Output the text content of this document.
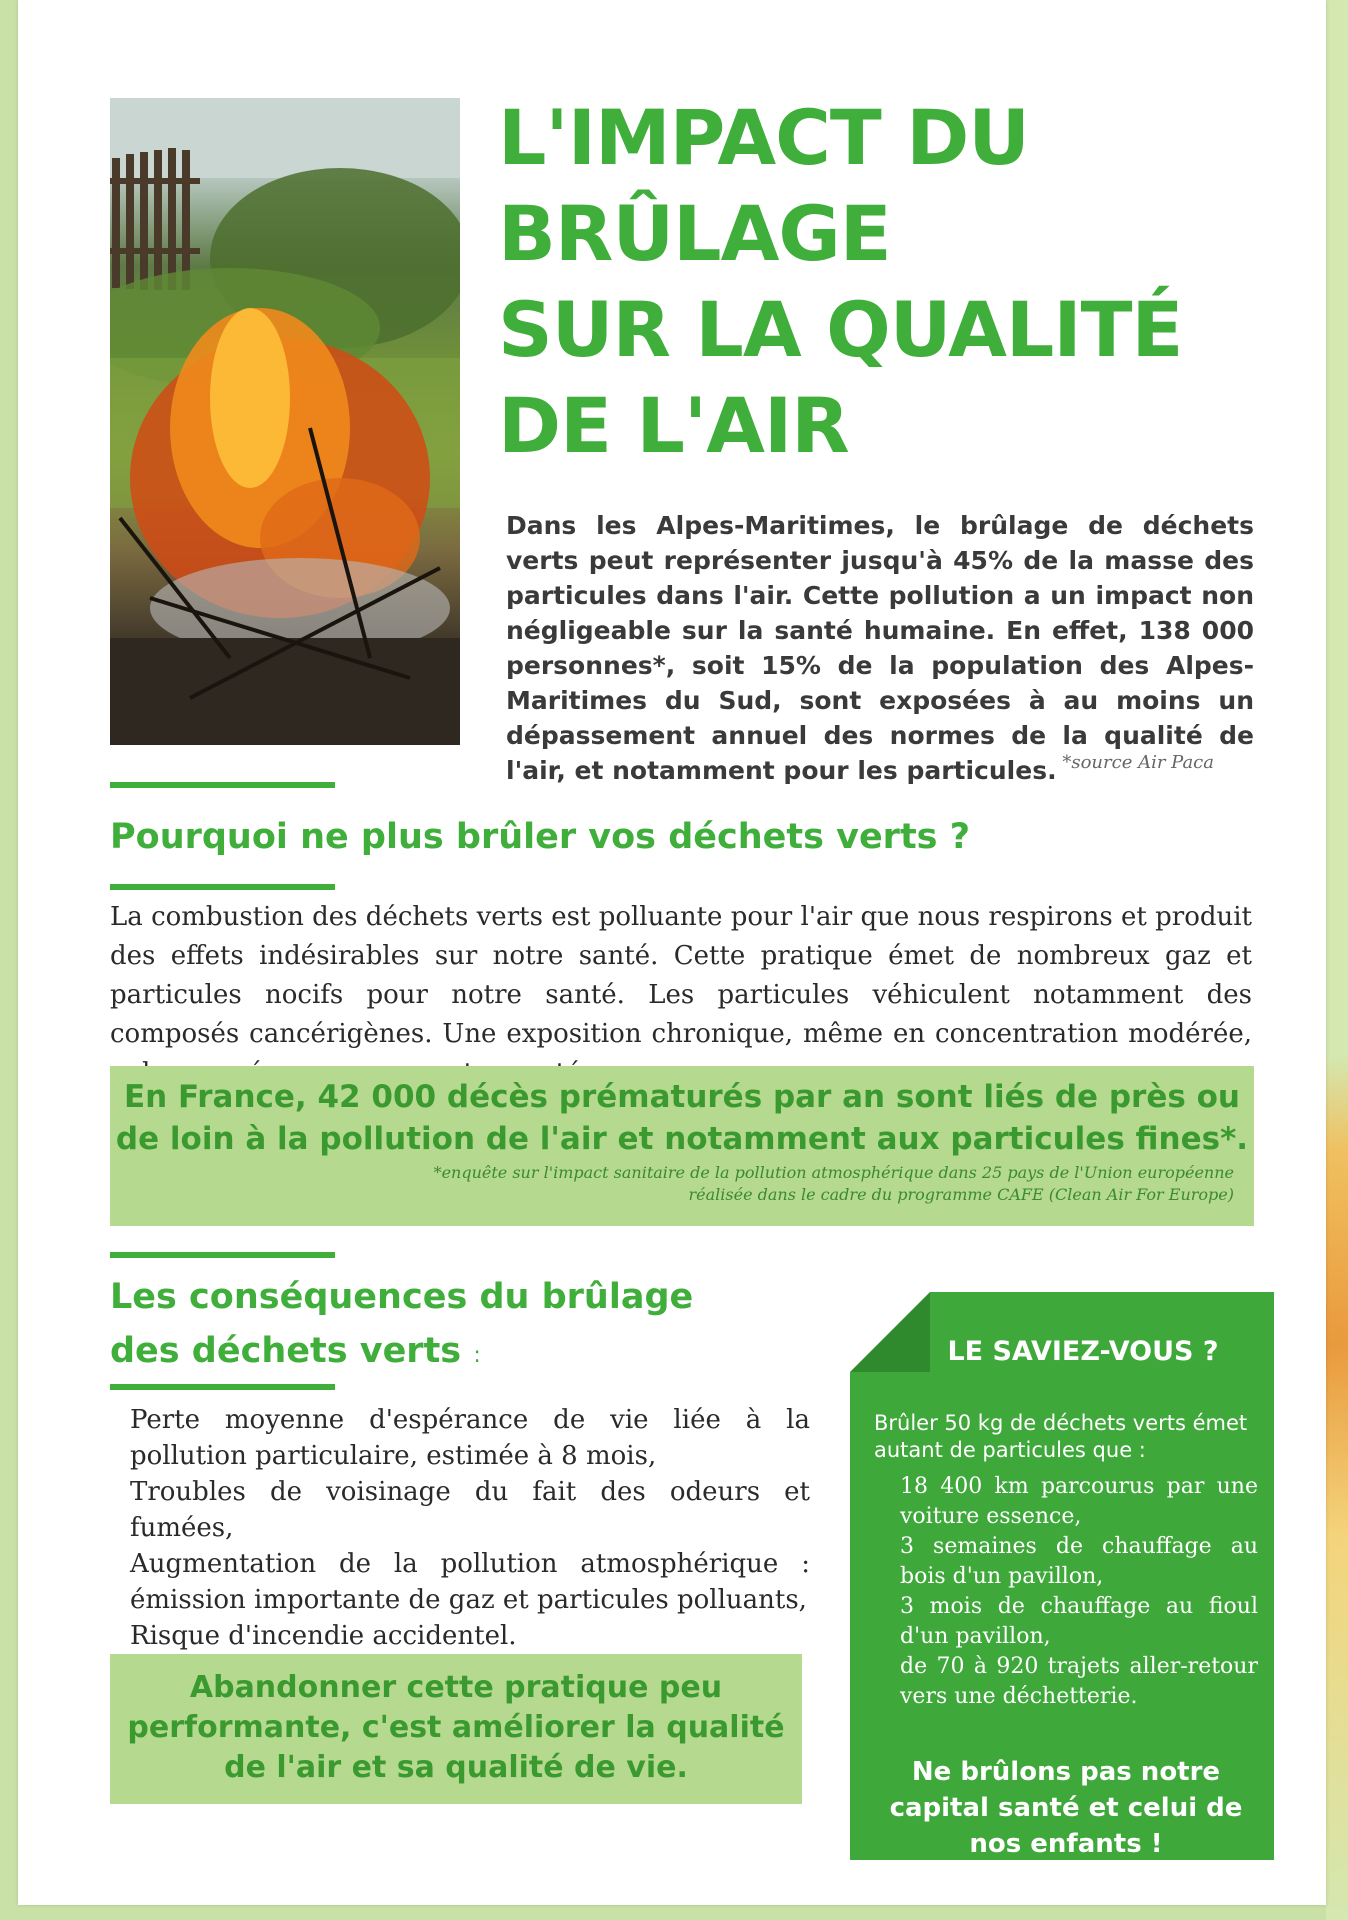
L'IMPACT DU
BRÛLAGE
SUR LA QUALITÉ
DE L'AIR
Dans les Alpes-Maritimes, le brûlage de déchets verts peut représenter jusqu'à 45% de la masse des particules dans l'air. Cette pollution a un impact non négligeable sur la santé humaine. En effet, 138 000 personnes*, soit 15% de la population des Alpes-Maritimes du Sud, sont exposées à au moins un dépassement annuel des normes de la qualité de l'air, et notamment pour les particules. *source Air Paca
Pourquoi ne plus brûler vos déchets verts ?
La combustion des déchets verts est polluante pour l'air que nous respirons et produit des effets indésirables sur notre santé. Cette pratique émet de nombreux gaz et particules nocifs pour notre santé. Les particules véhiculent notamment des composés cancérigènes. Une exposition chronique, même en concentration modérée,
En France, 42 000 décès prématurés par an sont liés de près ou de loin à la pollution de l'air et notamment aux particules fines*.
*enquête sur l'impact sanitaire de la pollution atmosphérique dans 25 pays de l'Union européenne réalisée dans le cadre du programme CAFE (Clean Air For Europe)
Les conséquences du brûlage
des déchets verts :
Perte moyenne d'espérance de vie liée à la pollution particulaire, estimée à 8 mois,
Troubles de voisinage du fait des odeurs et fumées,
Augmentation de la pollution atmosphérique : émission importante de gaz et particules polluants,
Risque d'incendie accidentel.
Abandonner cette pratique peu performante, c'est améliorer la qualité de l'air et sa qualité de vie.
LE SAVIEZ-VOUS ?
Brûler 50 kg de déchets verts émet autant de particules que :
18 400 km parcourus par une voiture essence,
3 semaines de chauffage au bois d'un pavillon,
3 mois de chauffage au fioul d'un pavillon,
de 70 à 920 trajets aller-retour vers une déchetterie.
Ne brûlons pas notre capital santé et celui de nos enfants !
